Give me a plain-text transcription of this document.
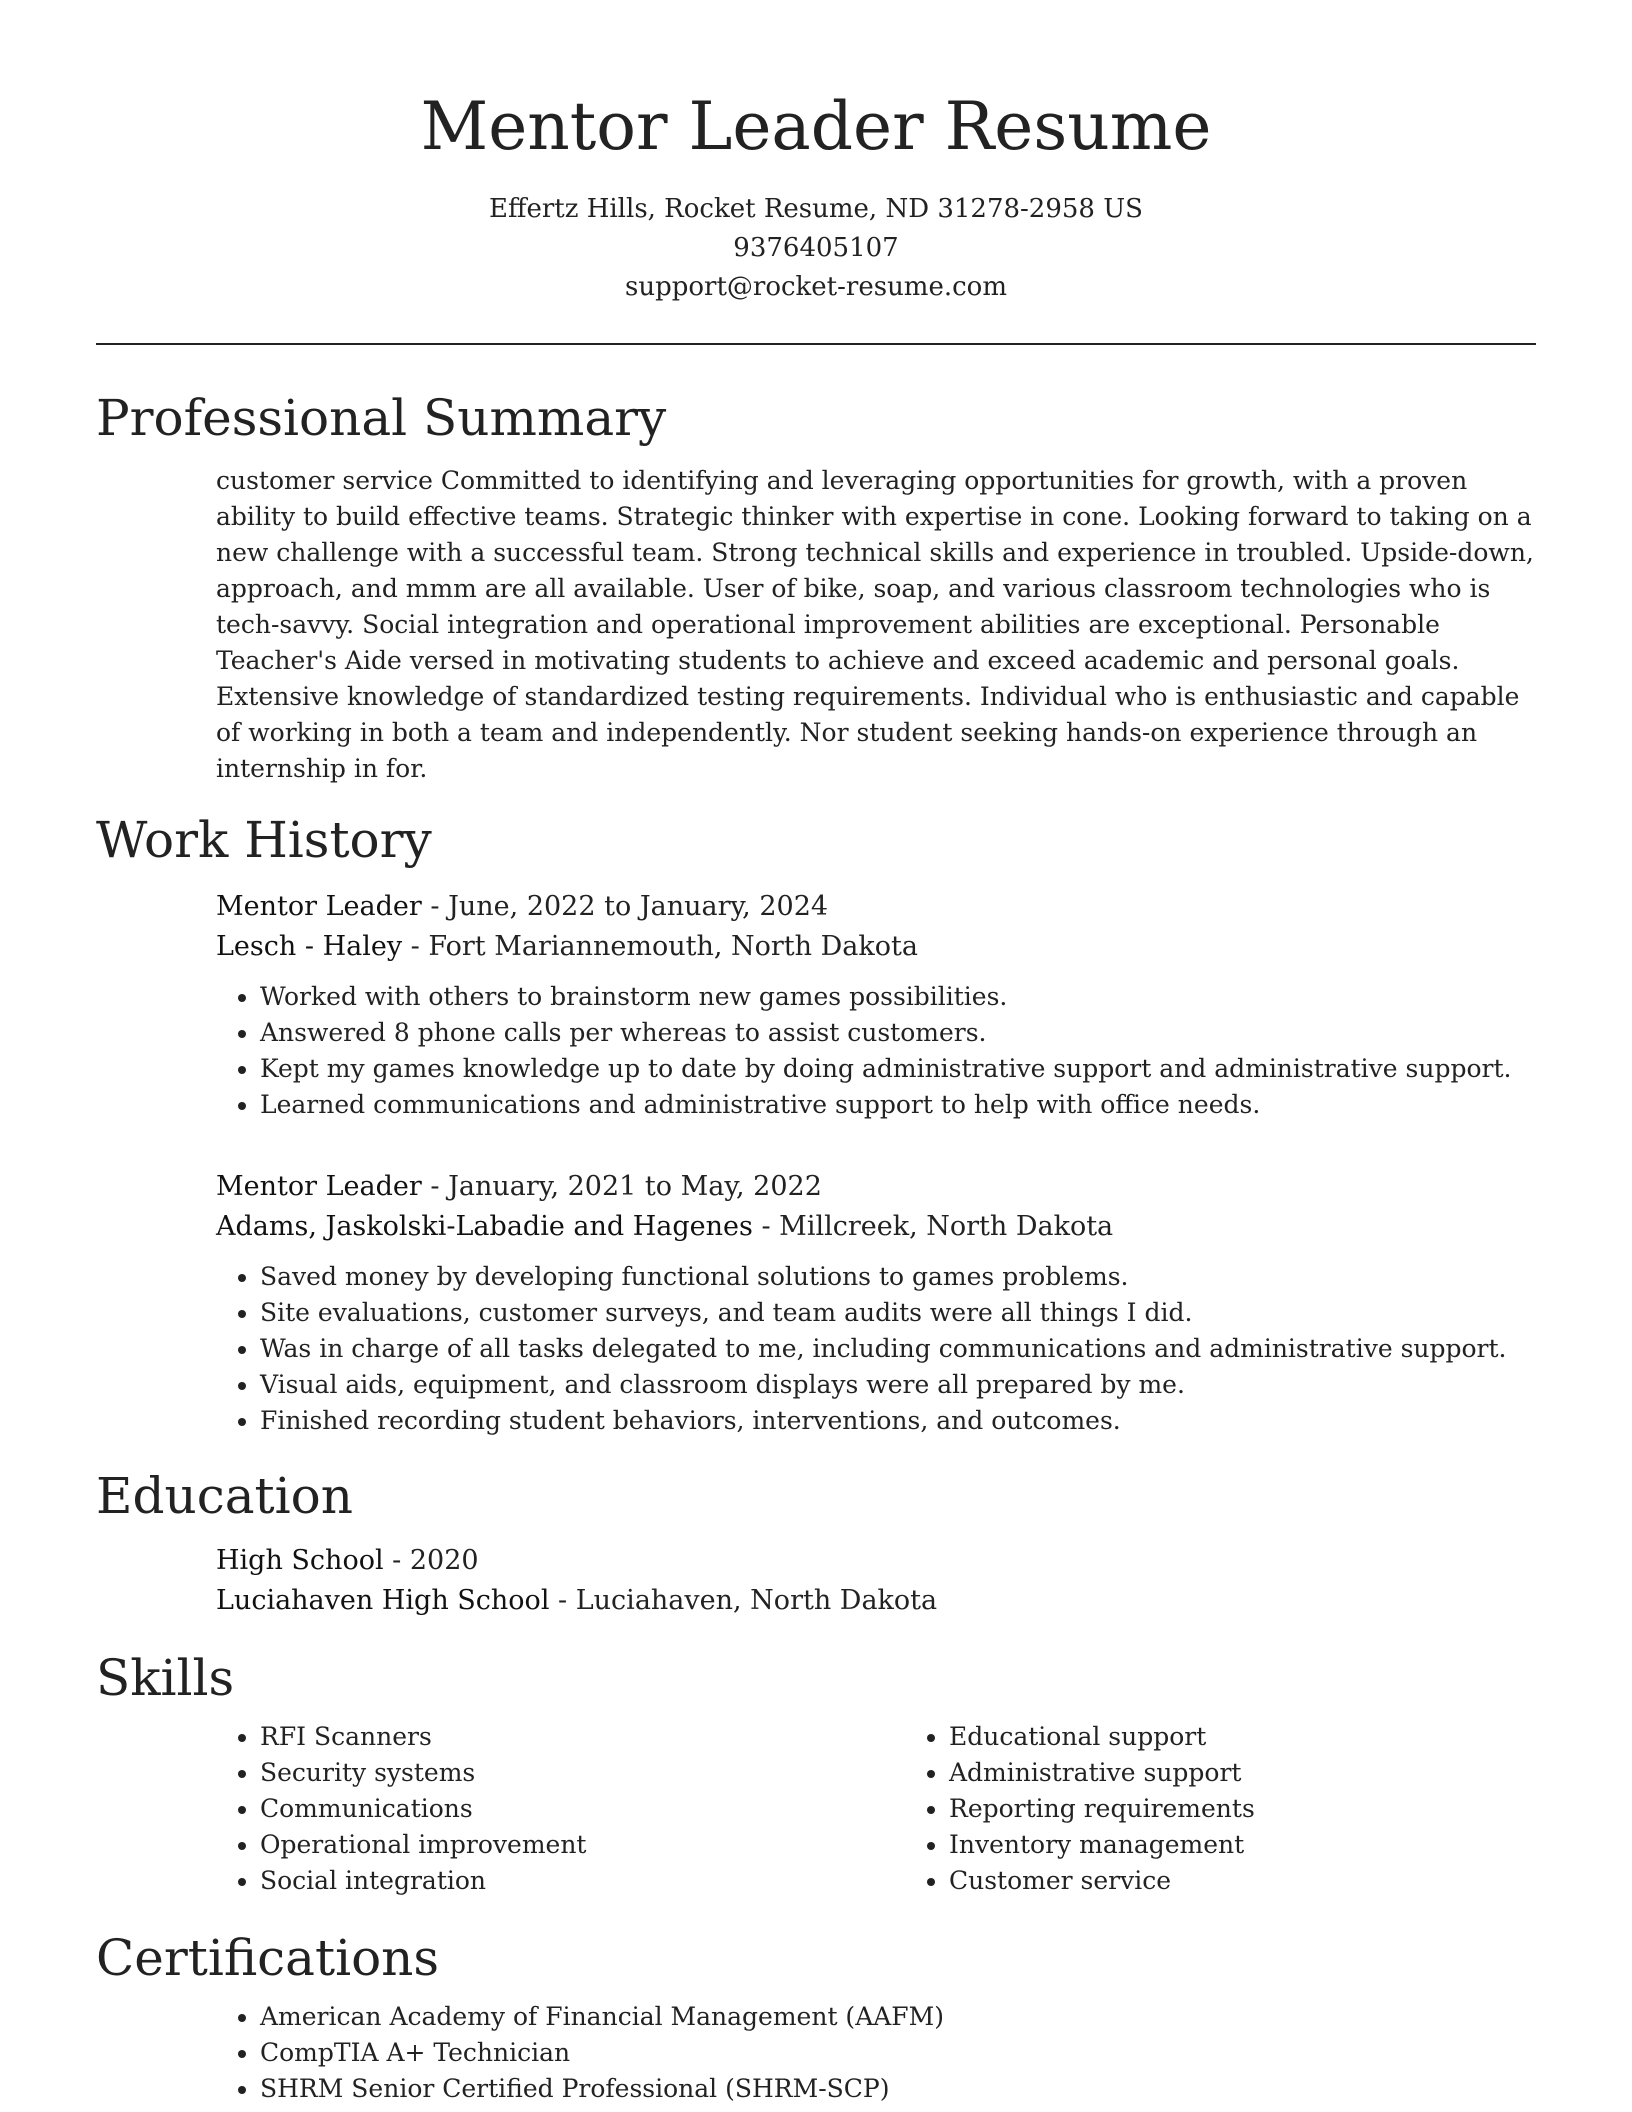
Mentor Leader Resume
Effertz Hills, Rocket Resume, ND 31278-2958 US
9376405107
support@rocket-resume.com
Professional Summary

customer service Committed to identifying and leveraging opportunities for growth, with a proven ability to build effective teams. Strategic thinker with expertise in cone. Looking forward to taking on a new challenge with a successful team. Strong technical skills and experience in troubled. Upside-down, approach, and mmm are all available. User of bike, soap, and various classroom technologies who is tech-savvy. Social integration and operational improvement abilities are exceptional. Personable Teacher's Aide versed in motivating students to achieve and exceed academic and personal goals. Extensive knowledge of standardized testing requirements. Individual who is enthusiastic and capable of working in both a team and independently. Nor student seeking hands-on experience through an internship in for.

Work History
Mentor Leader - June, 2022 to January, 2024
Lesch - Haley - Fort Mariannemouth, North Dakota
• Worked with others to brainstorm new games possibilities.
• Answered 8 phone calls per whereas to assist customers.
• Kept my games knowledge up to date by doing administrative support and administrative support.
• Learned communications and administrative support to help with office needs.
Mentor Leader - January, 2021 to May, 2022
Adams, Jaskolski-Labadie and Hagenes - Millcreek, North Dakota
• Saved money by developing functional solutions to games problems.
• Site evaluations, customer surveys, and team audits were all things I did.
• Was in charge of all tasks delegated to me, including communications and administrative support.
• Visual aids, equipment, and classroom displays were all prepared by me.
• Finished recording student behaviors, interventions, and outcomes.
Education
High School - 2020
Luciahaven High School - Luciahaven, North Dakota
Skills
• RFI Scanners
• Security systems
• Communications
• Operational improvement
• Social integration
• Educational support
• Administrative support
• Reporting requirements
• Inventory management
• Customer service
Certifications
• American Academy of Financial Management (AAFM)
• CompTIA A+ Technician
• SHRM Senior Certified Professional (SHRM-SCP)
